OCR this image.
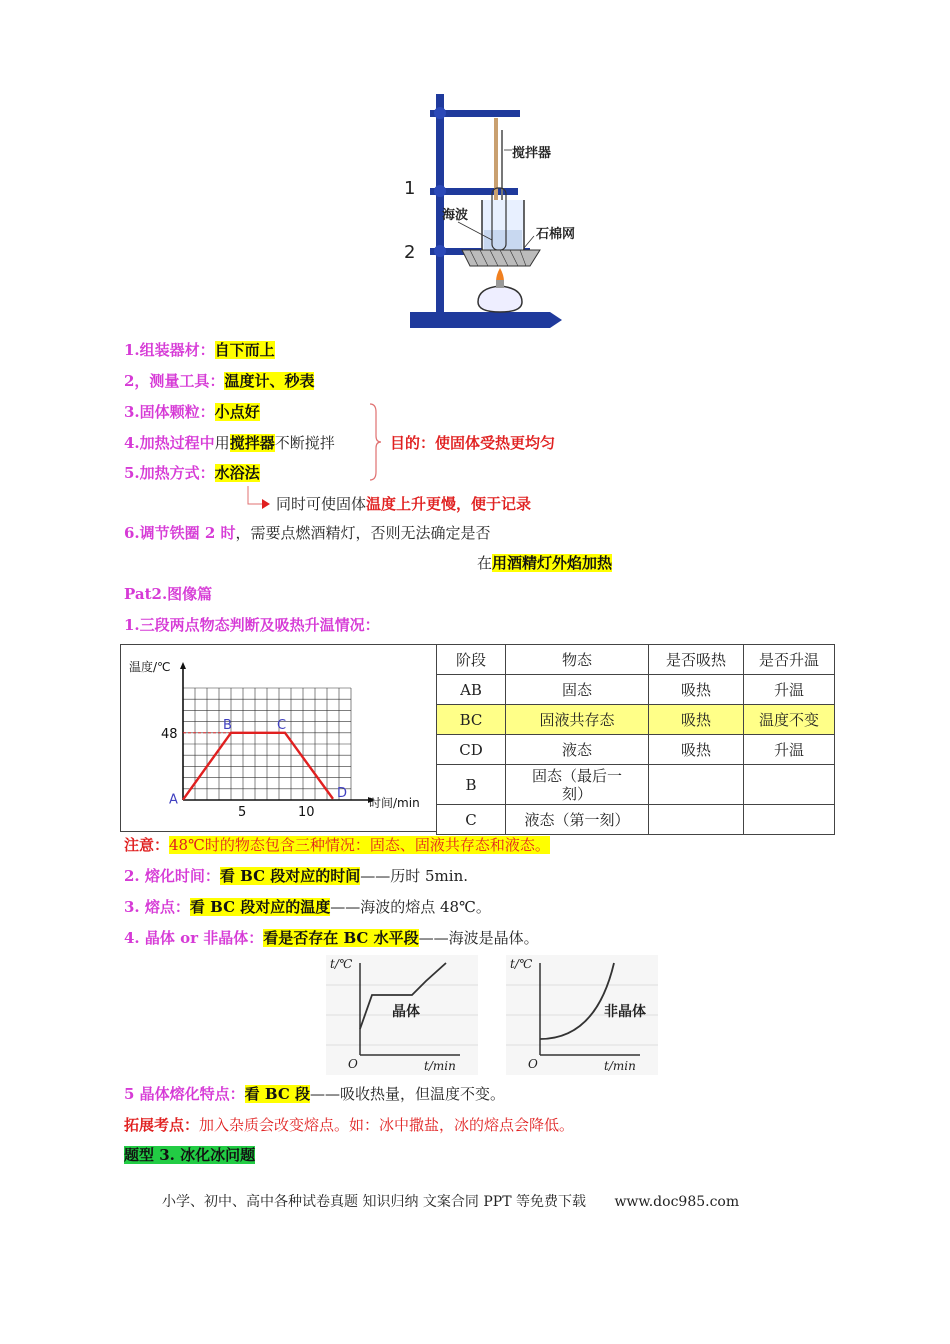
搅拌器
海波
石棉网
1
2
1.组装器材：自下而上
2，测量工具：温度计、秒表
3.固体颗粒：小点好
4.加热过程中用搅拌器不断搅拌	目的：使固体受热更均匀
5.加热方式：水浴法
同时可使固体温度上升更慢，便于记录
6.调节铁圈 2 时，需要点燃酒精灯，否则无法确定是否
在用酒精灯外焰加热
Pat2.图像篇
1.三段两点物态判断及吸热升温情况：
A
B	C
D
48
5	10
温度/℃
时间/min
阶段	物态	是否吸热	是否升温
AB	固态	吸热	升温
BC	固液共存态	吸热	温度不变
CD	液态	吸热	升温
B	固态（最后一刻）		
C	液态（第一刻）		
注意：48℃时的物态包含三种情况：固态、固液共存态和液态。
2. 熔化时间：看 BC 段对应的时间——历时 5min.
3. 熔点：看 BC 段对应的温度——海波的熔点 48℃。
4. 晶体 or 非晶体：看是否存在 BC 水平段——海波是晶体。
t/℃
晶体
O	t/min
t/℃
非晶体
O	t/min
5 晶体熔化特点：看 BC 段——吸收热量，但温度不变。
拓展考点：加入杂质会改变熔点。如：冰中撒盐，冰的熔点会降低。
题型 3. 冰化冰问题
小学、初中、高中各种试卷真题 知识归纳 文案合同 PPT 等免费下载 www.doc985.com
